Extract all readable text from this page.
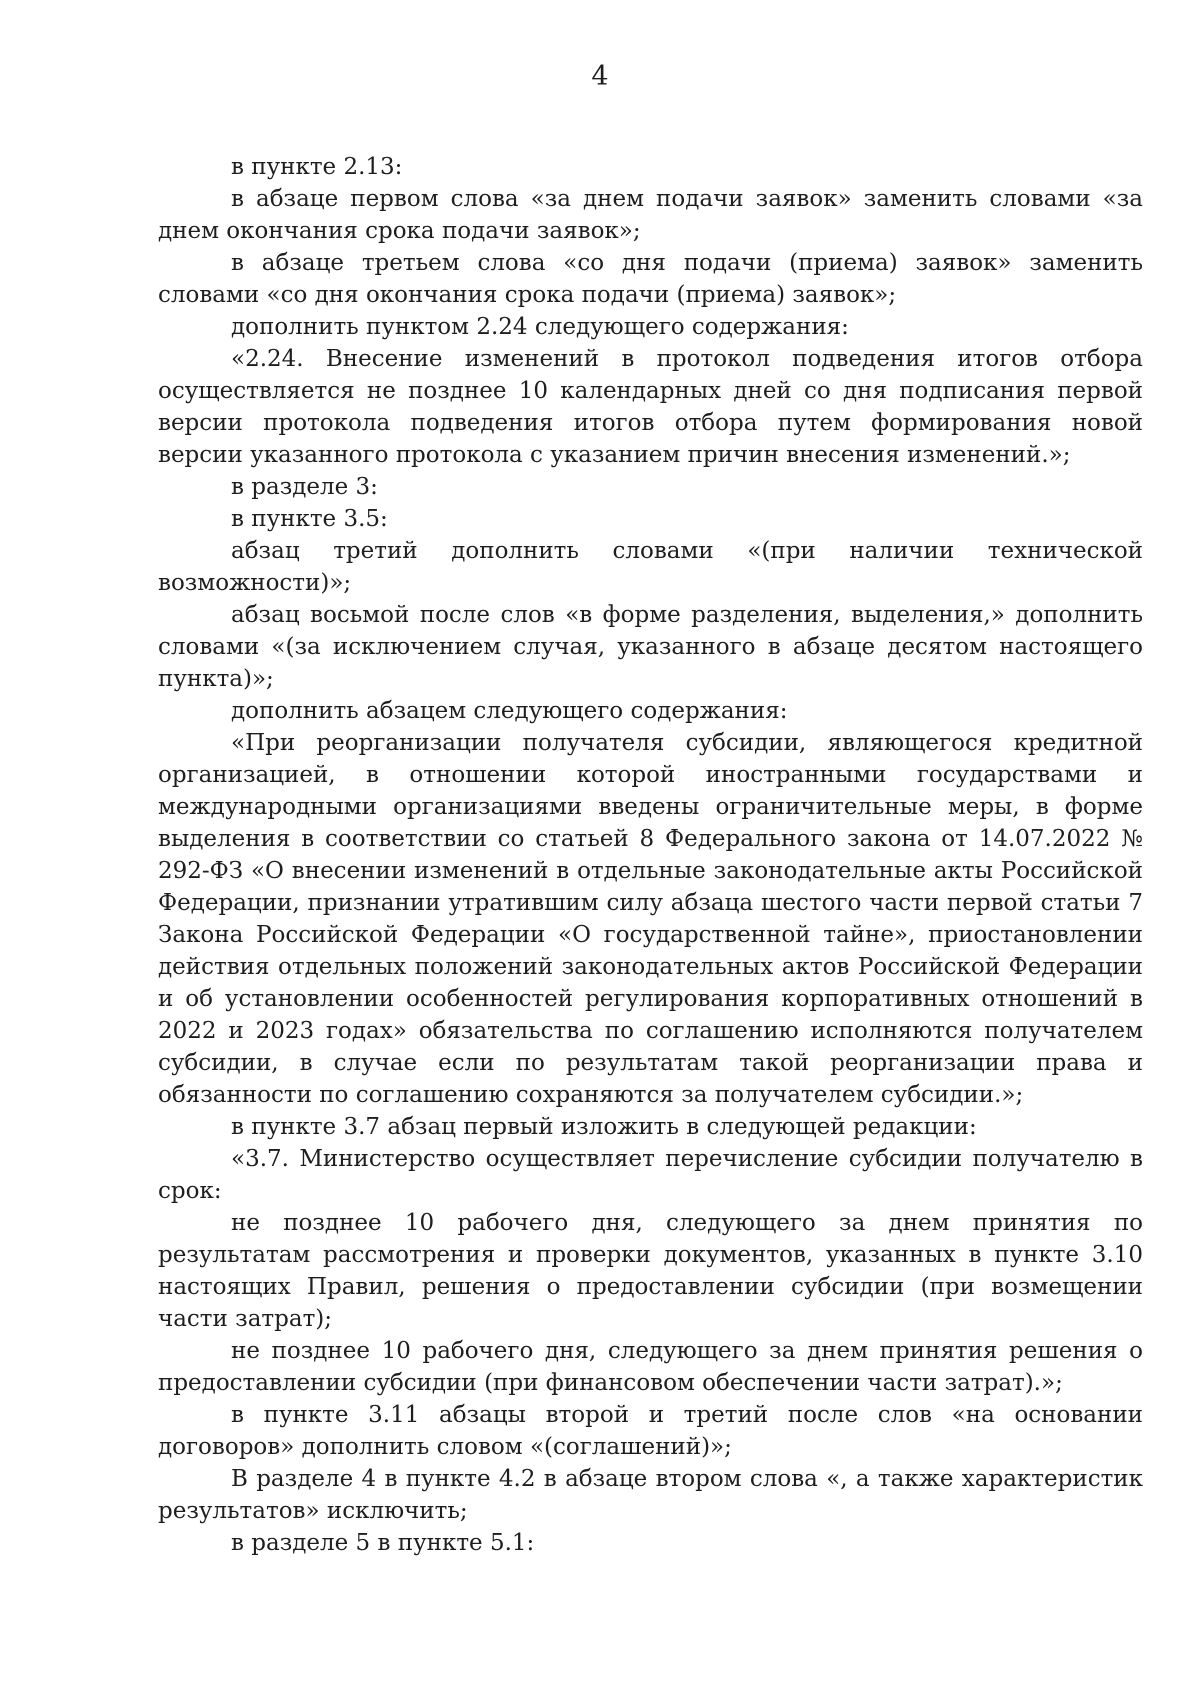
4

в пункте 2.13:

в абзаце первом слова «за днем подачи заявок» заменить словами «за днем окончания срока подачи заявок»;

в абзаце третьем слова «со дня подачи (приема) заявок» заменить словами «со дня окончания срока подачи (приема) заявок»;

дополнить пунктом 2.24 следующего содержания:

«2.24. Внесение изменений в протокол подведения итогов отбора осуществляется не позднее 10 календарных дней со дня подписания первой версии протокола подведения итогов отбора путем формирования новой версии указанного протокола с указанием причин внесения изменений.»;

в разделе 3:

в пункте 3.5:

абзац третий дополнить словами «(при наличии технической возможности)»;

абзац восьмой после слов «в форме разделения, выделения,» дополнить словами «(за исключением случая, указанного в абзаце десятом настоящего пункта)»;

дополнить абзацем следующего содержания:

«При реорганизации получателя субсидии, являющегося кредитной организацией, в отношении которой иностранными государствами и международными организациями введены ограничительные меры, в форме выделения в соответствии со статьей 8 Федерального закона от 14.07.2022 № 292-ФЗ «О внесении изменений в отдельные законодательные акты Российской Федерации, признании утратившим силу абзаца шестого части первой статьи 7 Закона Российской Федерации «О государственной тайне», приостановлении действия отдельных положений законодательных актов Российской Федерации и об установлении особенностей регулирования корпоративных отношений в 2022 и 2023 годах» обязательства по соглашению исполняются получателем субсидии, в случае если по результатам такой реорганизации права и обязанности по соглашению сохраняются за получателем субсидии.»;

в пункте 3.7 абзац первый изложить в следующей редакции:

«3.7. Министерство осуществляет перечисление субсидии получателю в срок:

не позднее 10 рабочего дня, следующего за днем принятия по результатам рассмотрения и проверки документов, указанных в пункте 3.10 настоящих Правил, решения о предоставлении субсидии (при возмещении части затрат);

не позднее 10 рабочего дня, следующего за днем принятия решения о предоставлении субсидии (при финансовом обеспечении части затрат).»;

в пункте 3.11 абзацы второй и третий после слов «на основании договоров» дополнить словом «(соглашений)»;

В разделе 4 в пункте 4.2 в абзаце втором слова «, а также характеристик результатов» исключить;

в разделе 5 в пункте 5.1:
